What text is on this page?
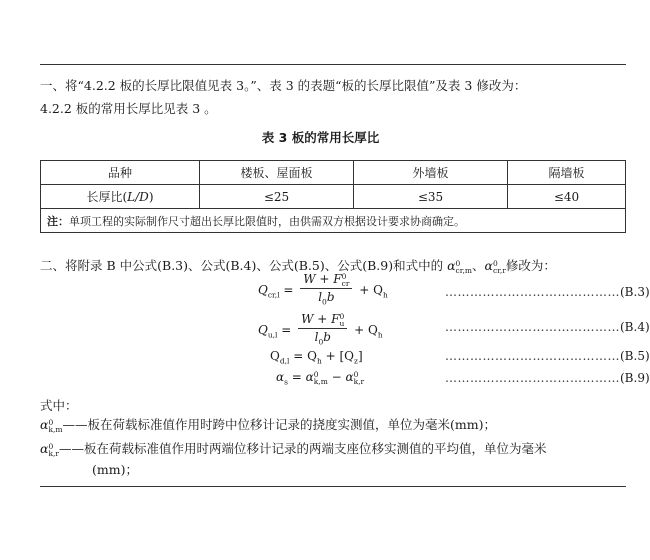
一、将“4.2.2 板的长厚比限值见表 3。”、表 3 的表题“板的长厚比限值”及表 3 修改为：
4.2.2 板的常用长厚比见表 3 。
表 3 板的常用长厚比
品种	楼板、屋面板	外墙板	隔墙板
长厚比(L/D)	≤25	≤35	≤40
注：单项工程的实际制作尺寸超出长厚比限值时，由供需双方根据设计要求协商确定。			
二、将附录 B 中公式(B.3)、公式(B.4)、公式(B.5)、公式(B.9)和式中的 α0
cr,m、α0
cr,r修改为：
$Q_{cr,l}$ =
W + F0
cr
$l_0b$	+ $Q_h$	……………………………………(B.3)
$Q_{u,l}$ =
W + F0
u
$l_0b$	+ $Q_h$
……………………………………(B.4)
$Q_{d,l} = Q_h + [Q_z]$	……………………………………(B.5)
$\alpha_s = \alpha 0$
k,m − α0
k,r	……………………………………(B.9)
式中：
α0
k,m——板在荷载标准值作用时跨中位移计记录的挠度实测值，单位为毫米(mm)；
α0
k,r——板在荷载标准值作用时两端位移计记录的两端支座位移实测值的平均值，单位为毫米
(mm)；
